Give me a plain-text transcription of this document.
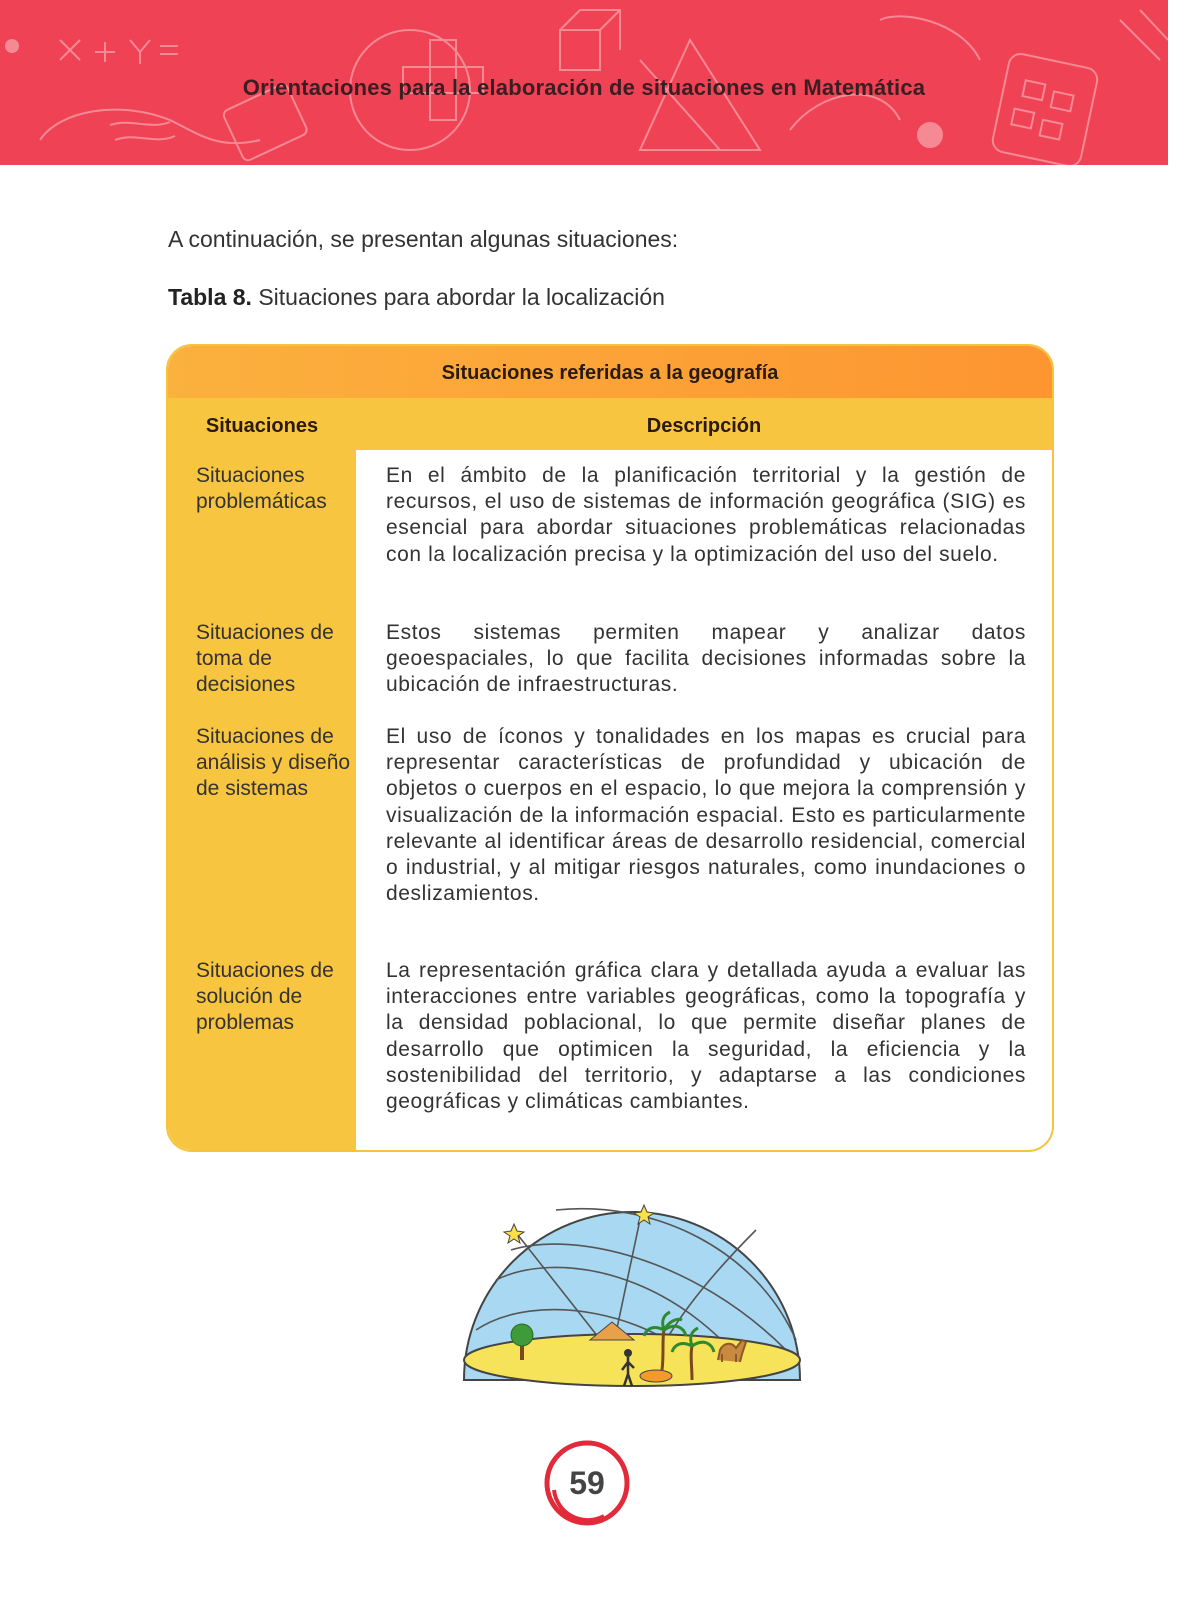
Orientaciones para la elaboración de situaciones en Matemática
A continuación, se presentan algunas situaciones:
Tabla 8. Situaciones para abordar la localización
Situaciones referidas a la geografía
Situaciones	Descripción
Situaciones problemáticas
En el ámbito de la planificación territorial y la gestión de recursos, el uso de sistemas de información geográfica (SIG) es esencial para abordar situaciones problemáticas relacionadas con la localización precisa y la optimización del uso del suelo.
Situaciones de toma de decisiones
Estos sistemas permiten mapear y analizar datos geoespaciales, lo que facilita decisiones informadas sobre la ubicación de infraestructuras.
Situaciones de análisis y diseño de sistemas
El uso de íconos y tonalidades en los mapas es crucial para representar características de profundidad y ubicación de objetos o cuerpos en el espacio, lo que mejora la comprensión y visualización de la información espacial. Esto es particularmente relevante al identificar áreas de desarrollo residencial, comercial o industrial, y al mitigar riesgos naturales, como inundaciones o deslizamientos.
Situaciones de solución de problemas
La representación gráfica clara y detallada ayuda a evaluar las interacciones entre variables geográficas, como la topografía y la densidad poblacional, lo que permite diseñar planes de desarrollo que optimicen la seguridad, la eficiencia y la sostenibilidad del territorio, y adaptarse a las condiciones geográficas y climáticas cambiantes.
59
